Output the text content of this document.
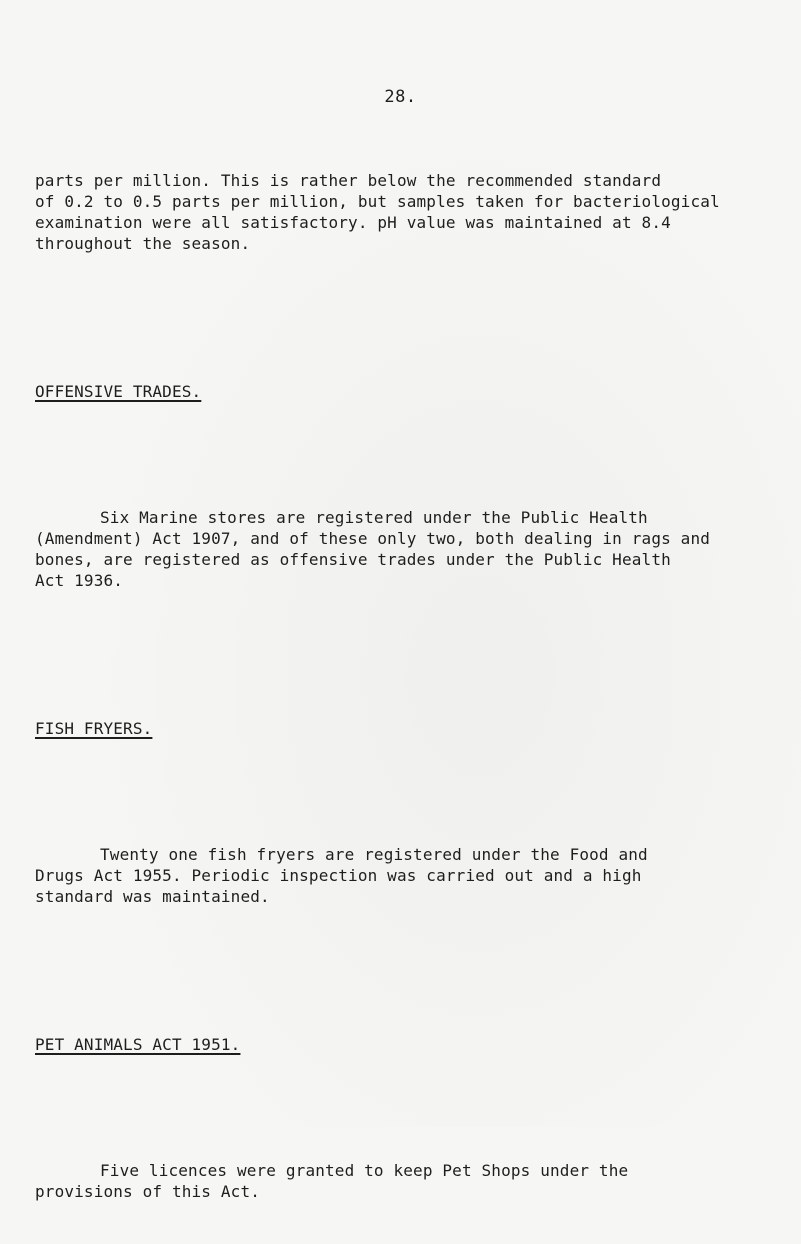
28.

parts per million. This is rather below the recommended standard
of 0.2 to 0.5 parts per million, but samples taken for bacteriological
examination were all satisfactory. pH value was maintained at 8.4
throughout the season.

OFFENSIVE TRADES.

Six Marine stores are registered under the Public Health
(Amendment) Act 1907, and of these only two, both dealing in rags and
bones, are registered as offensive trades under the Public Health
Act 1936.

FISH FRYERS.

Twenty one fish fryers are registered under the Food and
Drugs Act 1955. Periodic inspection was carried out and a high
standard was maintained.

PET ANIMALS ACT 1951.

Five licences were granted to keep Pet Shops under the
provisions of this Act.
